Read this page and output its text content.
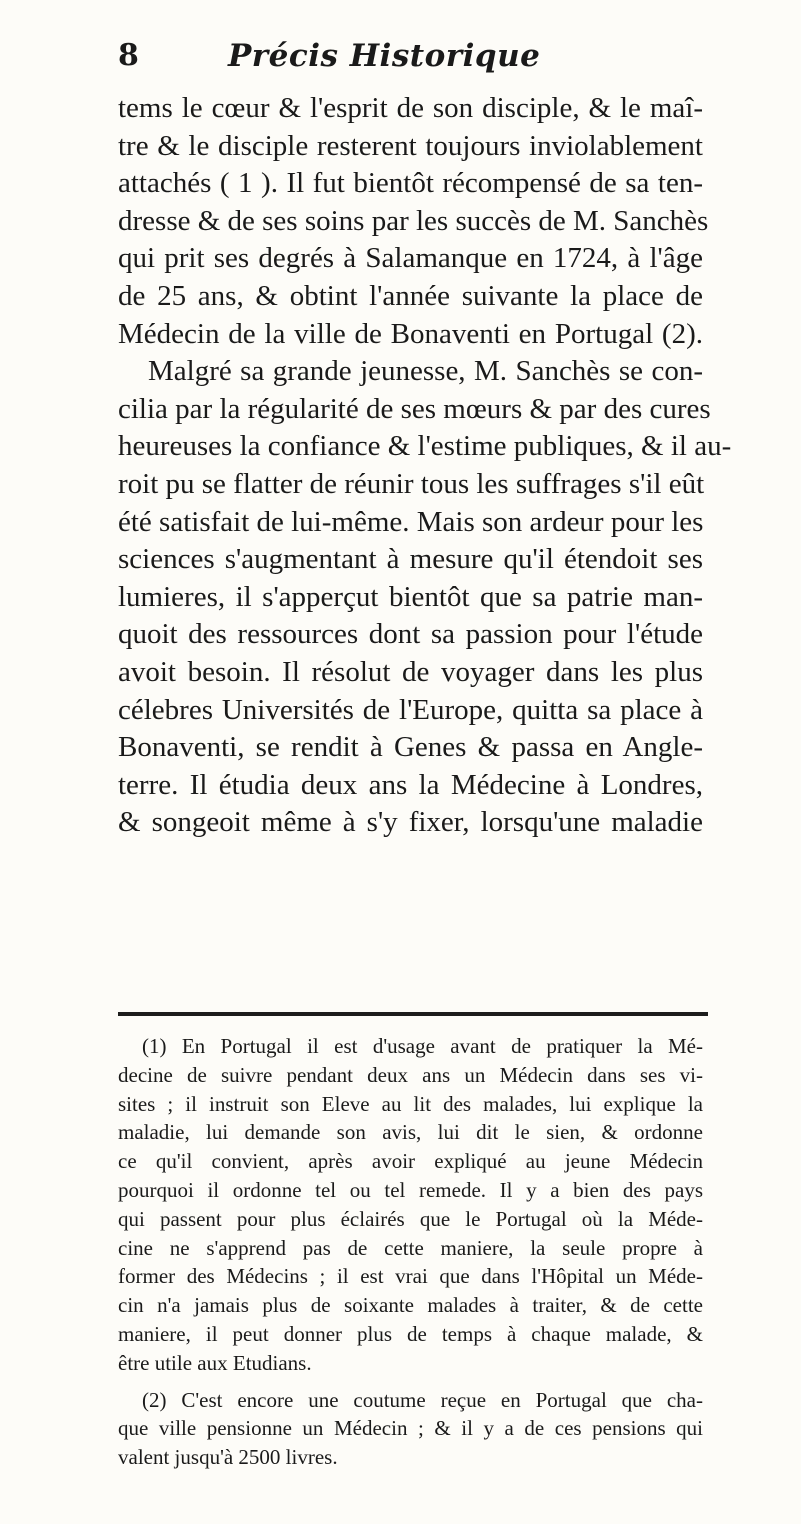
8	Précis Historique
tems le cœur & l'esprit de son disciple, & le maî-
tre & le disciple resterent toujours inviolablement
attachés ( 1 ). Il fut bientôt récompensé de sa ten-
dresse & de ses soins par les succès de M. Sanchès
qui prit ses degrés à Salamanque en 1724, à l'âge
de 25 ans, & obtint l'année suivante la place de
Médecin de la ville de Bonaventi en Portugal (2).
Malgré sa grande jeunesse, M. Sanchès se con-
cilia par la régularité de ses mœurs & par des cures
heureuses la confiance & l'estime publiques, & il au-
roit pu se flatter de réunir tous les suffrages s'il eût
été satisfait de lui-même. Mais son ardeur pour les
sciences s'augmentant à mesure qu'il étendoit ses
lumieres, il s'apperçut bientôt que sa patrie man-
quoit des ressources dont sa passion pour l'étude
avoit besoin. Il résolut de voyager dans les plus
célebres Universités de l'Europe, quitta sa place à
Bonaventi, se rendit à Genes & passa en Angle-
terre. Il étudia deux ans la Médecine à Londres,
& songeoit même à s'y fixer, lorsqu'une maladie
(1) En Portugal il est d'usage avant de pratiquer la Mé-
decine de suivre pendant deux ans un Médecin dans ses vi-
sites ; il instruit son Eleve au lit des malades, lui explique la
maladie, lui demande son avis, lui dit le sien, & ordonne
ce qu'il convient, après avoir expliqué au jeune Médecin
pourquoi il ordonne tel ou tel remede. Il y a bien des pays
qui passent pour plus éclairés que le Portugal où la Méde-
cine ne s'apprend pas de cette maniere, la seule propre à
former des Médecins ; il est vrai que dans l'Hôpital un Méde-
cin n'a jamais plus de soixante malades à traiter, & de cette
maniere, il peut donner plus de temps à chaque malade, &
être utile aux Etudians.
(2) C'est encore une coutume reçue en Portugal que cha-
que ville pensionne un Médecin ; & il y a de ces pensions qui
valent jusqu'à 2500 livres.
